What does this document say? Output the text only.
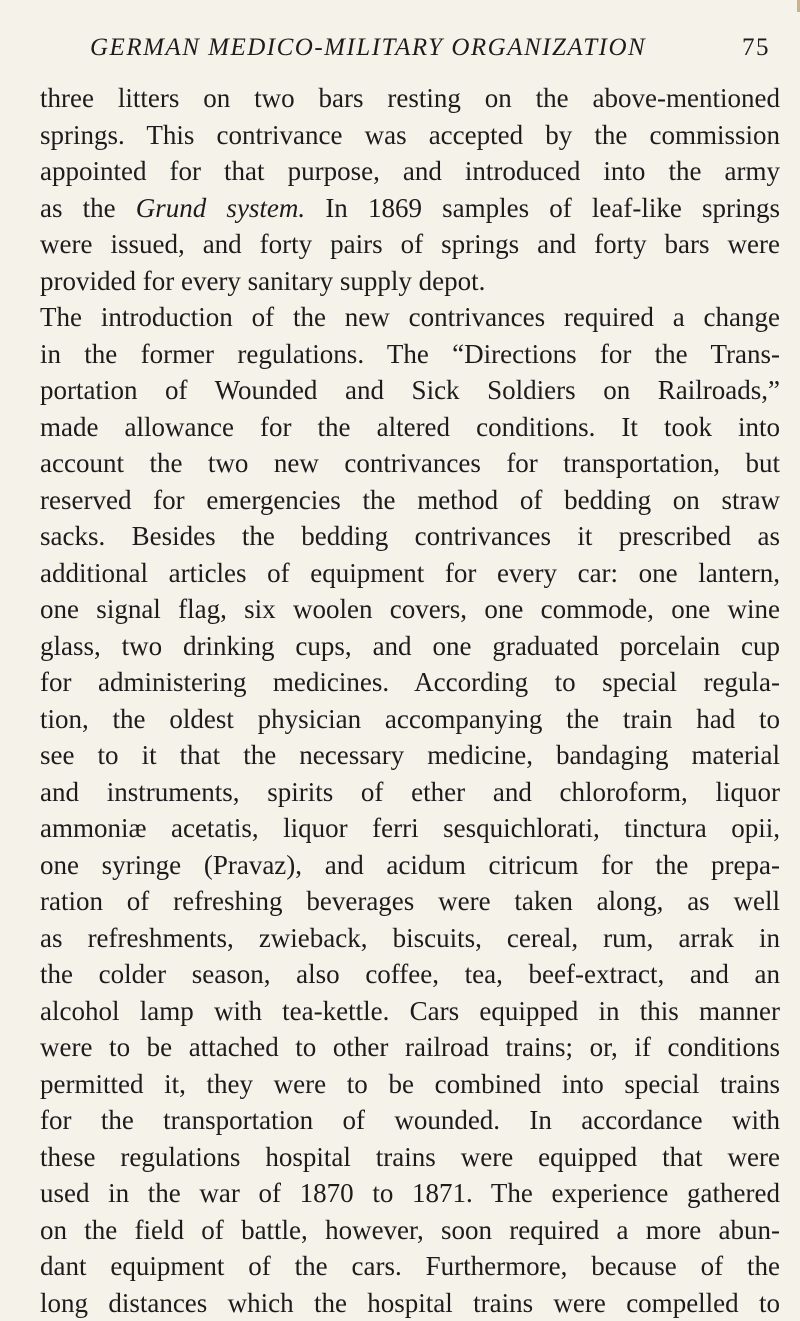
GERMAN MEDICO-MILITARY ORGANIZATION	75
three litters on two bars resting on the above-mentioned
springs. This contrivance was accepted by the commission
appointed for that purpose, and introduced into the army
as the Grund system. In 1869 samples of leaf-like springs
were issued, and forty pairs of springs and forty bars were
provided for every sanitary supply depot.
The introduction of the new contrivances required a change
in the former regulations. The “Directions for the Trans-
portation of Wounded and Sick Soldiers on Railroads,”
made allowance for the altered conditions. It took into
account the two new contrivances for transportation, but
reserved for emergencies the method of bedding on straw
sacks. Besides the bedding contrivances it prescribed as
additional articles of equipment for every car: one lantern,
one signal flag, six woolen covers, one commode, one wine
glass, two drinking cups, and one graduated porcelain cup
for administering medicines. According to special regula-
tion, the oldest physician accompanying the train had to
see to it that the necessary medicine, bandaging material
and instruments, spirits of ether and chloroform, liquor
ammoniæ acetatis, liquor ferri sesquichlorati, tinctura opii,
one syringe (Pravaz), and acidum citricum for the prepa-
ration of refreshing beverages were taken along, as well
as refreshments, zwieback, biscuits, cereal, rum, arrak in
the colder season, also coffee, tea, beef-extract, and an
alcohol lamp with tea-kettle. Cars equipped in this manner
were to be attached to other railroad trains; or, if conditions
permitted it, they were to be combined into special trains
for the transportation of wounded. In accordance with
these regulations hospital trains were equipped that were
used in the war of 1870 to 1871. The experience gathered
on the field of battle, however, soon required a more abun-
dant equipment of the cars. Furthermore, because of the
long distances which the hospital trains were compelled to
